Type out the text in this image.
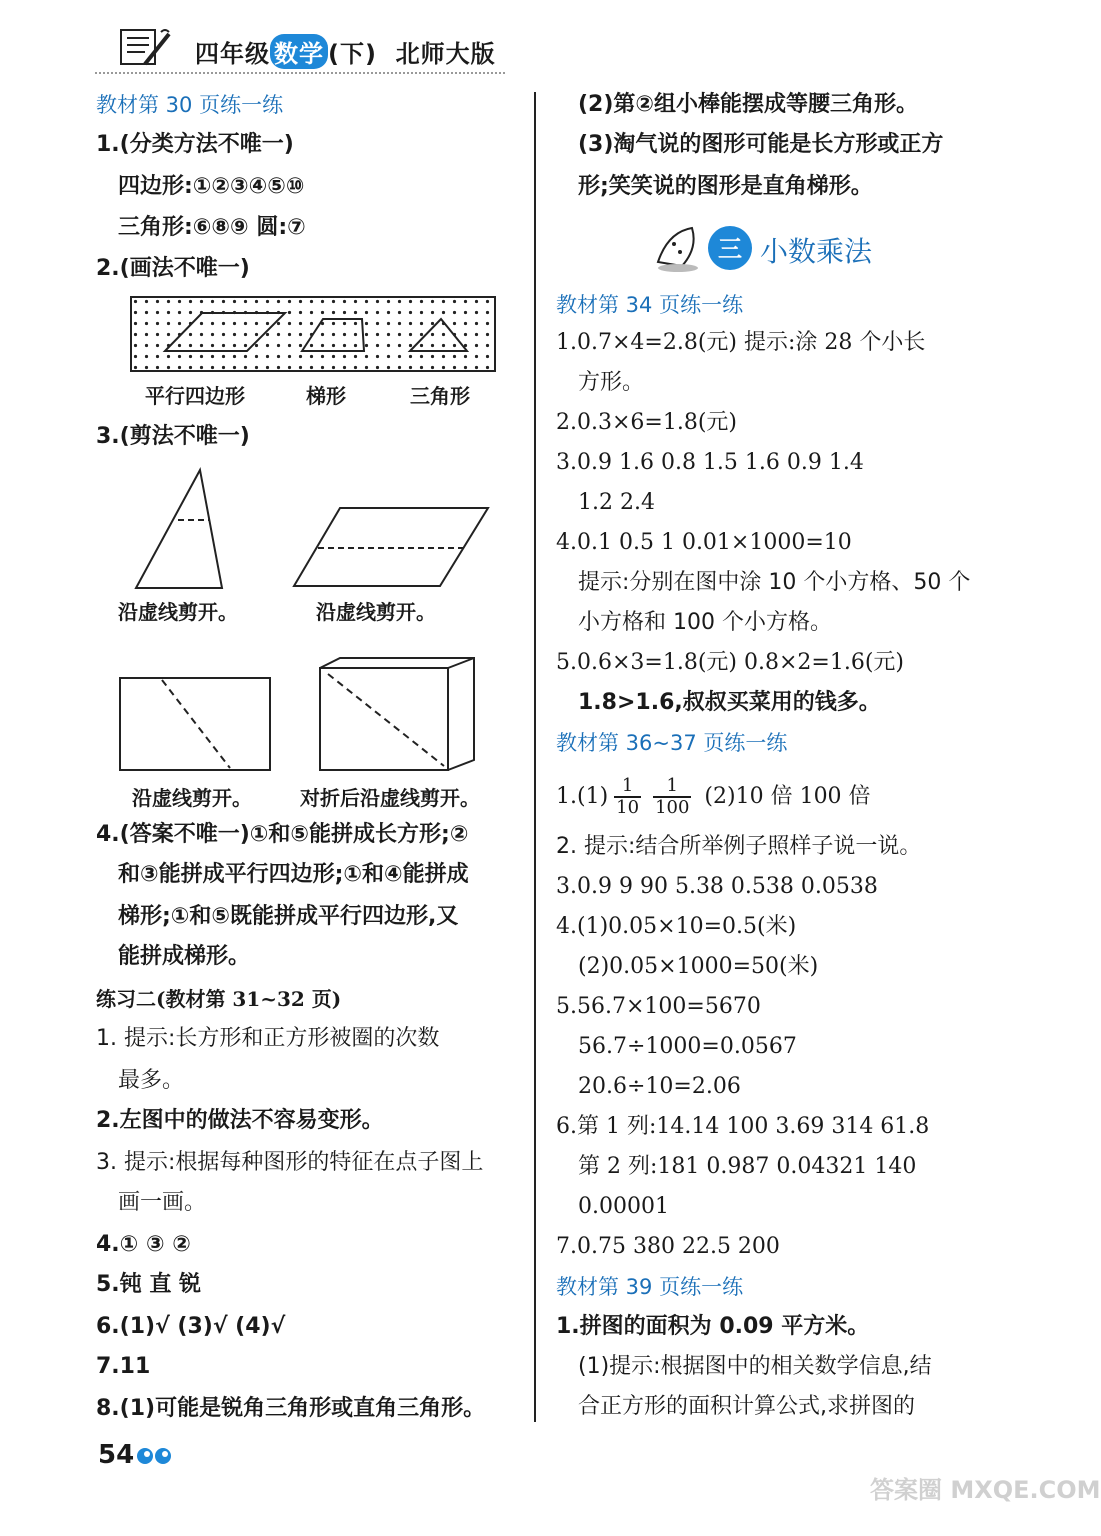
四年级 数学 (下) 北师大版
教材第 30 页练一练
1.(分类方法不唯一)
四边形:①②③④⑤⑩
三角形:⑥⑧⑨ 圆:⑦
2.(画法不唯一)
平行四边形	梯形	三角形
3.(剪法不唯一)
沿虚线剪开。	沿虚线剪开。
沿虚线剪开。 对折后沿虚线剪开。
4.(答案不唯一)①和⑤能拼成长方形;②
和③能拼成平行四边形;①和④能拼成
梯形;①和⑤既能拼成平行四边形,又
能拼成梯形。
练习二(教材第 31~32 页)
1. 提示:长方形和正方形被圈的次数
最多。
2.左图中的做法不容易变形。
3. 提示:根据每种图形的特征在点子图上
画一画。
4.① ③ ②
5.钝 直 锐
6.(1)√ (3)√ (4)√
7.11
8.(1)可能是锐角三角形或直角三角形。
(2)第②组小棒能摆成等腰三角形。
(3)淘气说的图形可能是长方形或正方
形;笑笑说的图形是直角梯形。
三 小数乘法
教材第 34 页练一练
1.0.7×4=2.8(元) 提示:涂 28 个小长
方形。
2.0.3×6=1.8(元)
3.0.9 1.6 0.8 1.5 1.6 0.9 1.4
1.2 2.4
4.0.1 0.5 1 0.01×1000=10
提示:分别在图中涂 10 个小方格、50 个
小方格和 100 个小方格。
5.0.6×3=1.8(元) 0.8×2=1.6(元)
1.8>1.6,叔叔买菜用的钱多。
教材第 36~37 页练一练
$1.(1) \frac{1}{10} \frac{1}{100} (2)10$ 倍 100 倍
2. 提示:结合所举例子照样子说一说。
3.0.9 9 90 5.38 0.538 0.0538
4.(1)0.05×10=0.5(米)
(2)0.05×1000=50(米)
5.56.7×100=5670
56.7÷1000=0.0567
20.6÷10=2.06
6.第 1 列:14.14 100 3.69 314 61.8
第 2 列:181 0.987 0.04321 140
0.00001
7.0.75 380 22.5 200
教材第 39 页练一练
1.拼图的面积为 0.09 平方米。
(1)提示:根据图中的相关数学信息,结
合正方形的面积计算公式,求拼图的
54
答案圈 MXQE.COM
